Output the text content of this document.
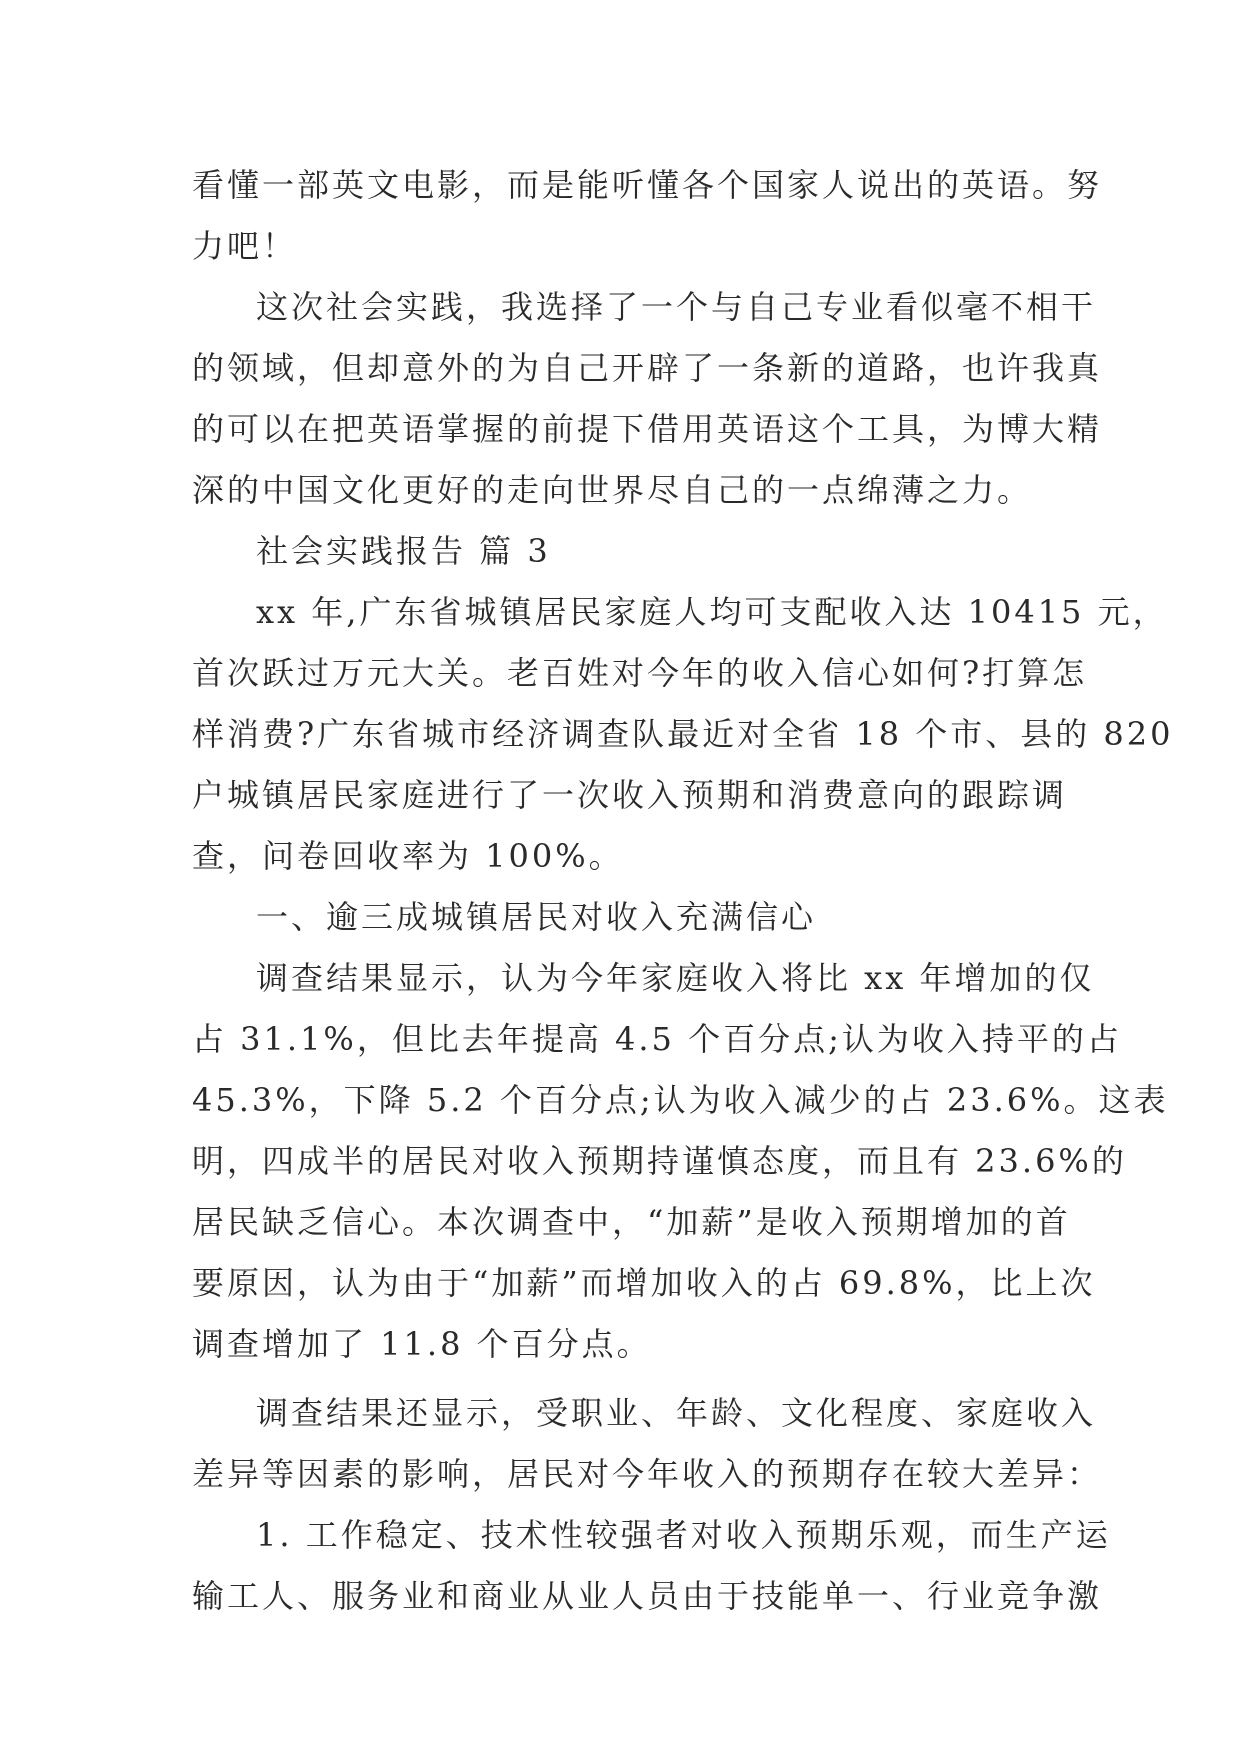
看懂一部英文电影，而是能听懂各个国家人说出的英语。努
力吧！
这次社会实践，我选择了一个与自己专业看似毫不相干
的领域，但却意外的为自己开辟了一条新的道路，也许我真
的可以在把英语掌握的前提下借用英语这个工具，为博大精
深的中国文化更好的走向世界尽自己的一点绵薄之力。
社会实践报告 篇 3
xx 年,广东省城镇居民家庭人均可支配收入达 10415 元，
首次跃过万元大关。老百姓对今年的收入信心如何?打算怎
样消费?广东省城市经济调查队最近对全省 18 个市、县的 820
户城镇居民家庭进行了一次收入预期和消费意向的跟踪调
查，问卷回收率为 100%。
一、逾三成城镇居民对收入充满信心
调查结果显示，认为今年家庭收入将比 xx 年增加的仅
占 31.1%，但比去年提高 4.5 个百分点;认为收入持平的占
45.3%，下降 5.2 个百分点;认为收入减少的占 23.6%。这表
明，四成半的居民对收入预期持谨慎态度，而且有 23.6%的
居民缺乏信心。本次调查中，“加薪”是收入预期增加的首
要原因，认为由于“加薪”而增加收入的占 69.8%，比上次
调查增加了 11.8 个百分点。
调查结果还显示，受职业、年龄、文化程度、家庭收入
差异等因素的影响，居民对今年收入的预期存在较大差异：
1. 工作稳定、技术性较强者对收入预期乐观，而生产运
输工人、服务业和商业从业人员由于技能单一、行业竞争激
